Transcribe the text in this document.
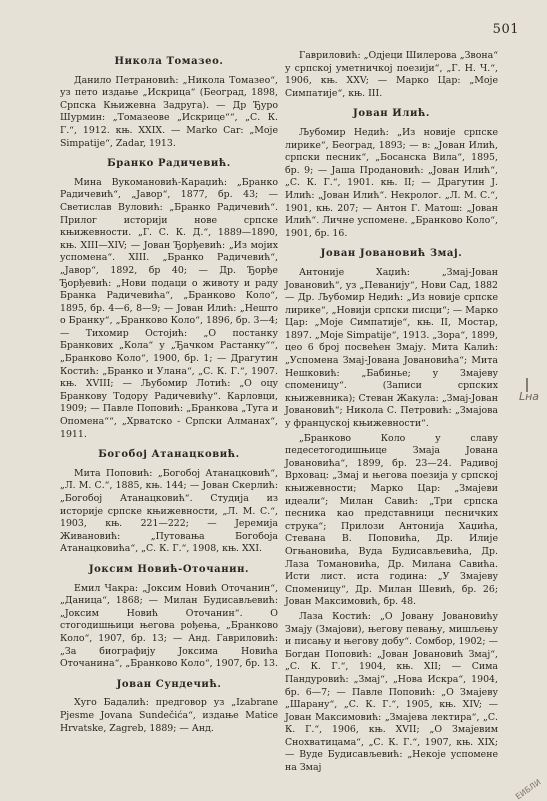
501
Никола Томазео.

Данило Петрановић: „Никола Томазео“, уз пето издање „Искрица“ (Београд, 1898, Српска Књижевна Задруга). — Др Ђуро Шурмин: „Томазеове „Искрице““, „С. К. Г.“, 1912. књ. XXIX. — Marko Car: „Moje Simpatije“, Zadar, 1913.

Бранко Радичевић.

Мина Вукомановић-Караџић: „Бранко Радичевић“, „Јавор“, 1877, бр. 43; — Светислав Вуловић: „Бранко Радичевић“. Прилог историји нове српске књижевности. „Г. С. К. Д.“, 1889—1890, књ. XIII—XIV; — Јован Ђорђевић: „Из мојих успомена“. XIII. „Бранко Радичевић“, „Јавор“, 1892, бр 40; — Др. Ђорђе Ђорђевић: „Нови подаци о животу и раду Бранка Радичевића“, „Бранково Коло“, 1895, бр. 4—6, 8—9; — Јован Илић: „Нешто о Бранку“, „Бранково Коло“, 1896, бр. 3—4; — Тихомир Остојић: „О постанку Бранкових „Кола“ у „Ђачком Растанку““, „Бранково Коло“, 1900, бр. 1; — Драгутин Костић: „Бранко и Улана“, „С. К. Г.“, 1907. књ. XVIII; — Љубомир Лотић: „О оцу Бранкову Тодору Радичевићу“. Карловци, 1909; — Павле Поповић: „Бранкова „Туга и Опомена““, „Хрватско - Српски Алманах“, 1911.

Богобој Атанацковић.

Мита Поповић: „Богобој Атанацковић“, „Л. М. С.“, 1885, књ. 144; — Јован Скерлић: „Богобој Атанацковић“. Студија из историје српске књижевности, „Л. М. С.“, 1903, књ. 221—222; — Јеремија Живановић: „Путовања Богобоја Атанацковића“, „С. К. Г.“, 1908, књ. XXI.

Јоксим Новић-Оточанин.

Емил Чакра: „Јоксим Новић Оточанин“, „Даница“, 1868; — Милан Будисављевић: „Јоксим Новић Оточанин“. О стогодишњици његова рођења, „Бранково Коло“, 1907, бр. 13; — Анд. Гавриловић: „За биографију Јоксима Новића Оточанина“, „Бранково Коло“, 1907, бр. 13.

Јован Сундечић.

Хуго Бадалић: предговор уз „Izabrane Pjesme Jovana Sundečića“, издање Matice Hrvatske, Zagreb, 1889; — Анд.

Гавриловић: „Одјеци Шилерова „Звона“ у српској уметничкој поезији“, „Г. Н. Ч.“, 1906, књ. XXV; — Марко Цар: „Моје Симпатије“, књ. III.

Јован Илић.

Љубомир Недић: „Из новије српске лирике“, Београд, 1893; — в: „Јован Илић, српски песник“, „Босанска Вила“, 1895, бр. 9; — Јаша Продановић: „Јован Илић“, „С. К. Г.“, 1901. књ. II; — Драгутин Ј. Илић: „Јован Илић“. Некролог. „Л. М. С.“, 1901, књ. 207; — Антон Г. Матош: „Јован Илић“. Личне успомене. „Бранково Коло“, 1901, бр. 16.

Јован Јовановић Змај.

Антоније Хаџић: „Змај-Јован Јовановић“, уз „Певанију“, Нови Сад, 1882 — Др. Љубомир Недић: „Из новије српске лирике“, „Новији српски писци“; — Марко Цар: „Моје Симпатије“, књ. II, Мостар, 1897. „Moje Simpatije“, 1913. „Зора“, 1899, цео 6 број посвећен Змају. Мита Калић: „Успомена Змај-Јована Јовановића“; Мита Нешковић: „Бабинье; у Змајеву споменицу“. (Записи српских књижевника); Стеван Жакула: „Змај-Јован Јовановић“; Никола С. Петровић: „Змајова у француској књижевности“.

„Бранково Коло у славу педесетогодишњице Змаја Јована Јовановића“, 1899, бр. 23—24. Радивој Врховац: „Змај и његова поезија у српској књижевности; Марко Цар: „Змајеви идеали“; Милан Савић: „Три српска песника као представници песничких струка“; Прилози Антонија Хаџића, Стевана В. Поповића, Др. Илије Огњановића, Вуда Будисављевића, Др. Лаза Томановића, Др. Милана Савића. Исти лист. иста година: „У Змајеву Споменицу“, Др. Милан Шевић, бр. 26; Јован Максимовић, бр. 48.

Лаза Костић: „О Јовану Јовановићу Змају (Змајови), његову певању, мишљењу и писању и његову добу“. Сомбор, 1902; — Богдан Поповић: „Јован Јовановић Змај“, „С. К. Г.“, 1904, књ. XII; — Сима Пандуровић: „Змај“, „Нова Искра“, 1904, бр. 6—7; — Павле Поповић: „О Змајеву „Шарану“, „С. К. Г.“, 1905, књ. XIV; — Јован Максимовић: „Змајева лектира“, „С. К. Г.“, 1906, књ. XVII; „О Змајевим Снохватицама“, „С. К. Г.“, 1907, књ. XIX; — Вуде Будисављевић: „Некоје успомене на Змај

Lна
ЕИБЛИ
